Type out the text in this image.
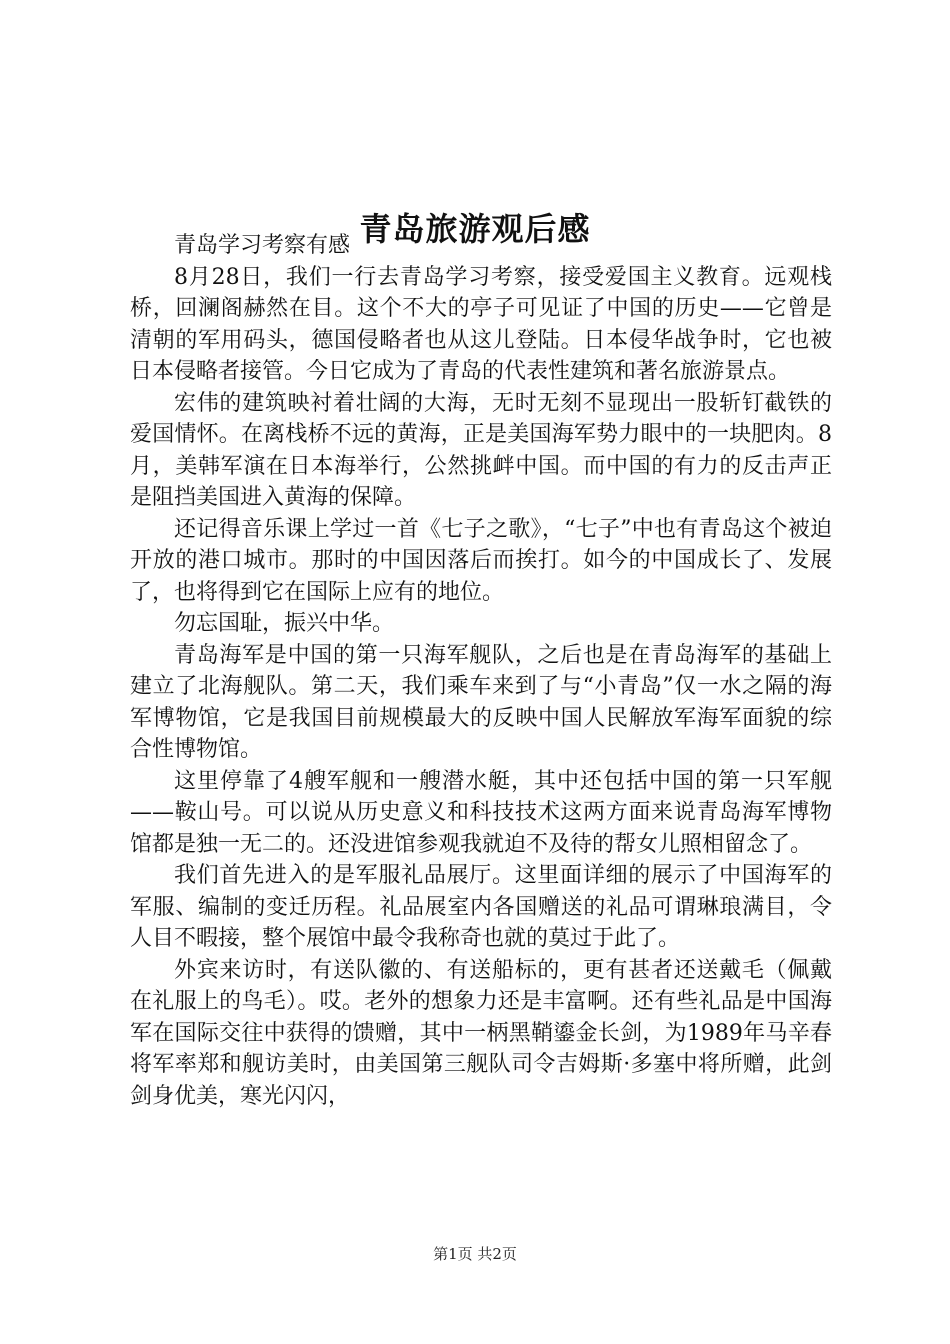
青岛旅游观后感

青岛学习考察有感

8月28日，我们一行去青岛学习考察，接受爱国主义教育。远观栈桥，回澜阁赫然在目。这个不大的亭子可见证了中国的历史——它曾是清朝的军用码头，德国侵略者也从这儿登陆。日本侵华战争时，它也被日本侵略者接管。今日它成为了青岛的代表性建筑和著名旅游景点。

宏伟的建筑映衬着壮阔的大海，无时无刻不显现出一股斩钉截铁的爱国情怀。在离栈桥不远的黄海，正是美国海军势力眼中的一块肥肉。8月，美韩军演在日本海举行，公然挑衅中国。而中国的有力的反击声正是阻挡美国进入黄海的保障。

还记得音乐课上学过一首《七子之歌》，“七子”中也有青岛这个被迫开放的港口城市。那时的中国因落后而挨打。如今的中国成长了、发展了，也将得到它在国际上应有的地位。

勿忘国耻，振兴中华。

青岛海军是中国的第一只海军舰队，之后也是在青岛海军的基础上建立了北海舰队。第二天，我们乘车来到了与“小青岛”仅一水之隔的海军博物馆，它是我国目前规模最大的反映中国人民解放军海军面貌的综合性博物馆。

这里停靠了4艘军舰和一艘潜水艇，其中还包括中国的第一只军舰——鞍山号。可以说从历史意义和科技技术这两方面来说青岛海军博物馆都是独一无二的。还没进馆参观我就迫不及待的帮女儿照相留念了。

我们首先进入的是军服礼品展厅。这里面详细的展示了中国海军的军服、编制的变迁历程。礼品展室内各国赠送的礼品可谓琳琅满目，令人目不暇接，整个展馆中最令我称奇也就的莫过于此了。

外宾来访时，有送队徽的、有送船标的，更有甚者还送戴毛（佩戴在礼服上的鸟毛）。哎。老外的想象力还是丰富啊。还有些礼品是中国海军在国际交往中获得的馈赠，其中一柄黑鞘鎏金长剑，为1989年马辛春将军率郑和舰访美时，由美国第三舰队司令吉姆斯·多塞中将所赠，此剑剑身优美，寒光闪闪，

第1页 共2页
